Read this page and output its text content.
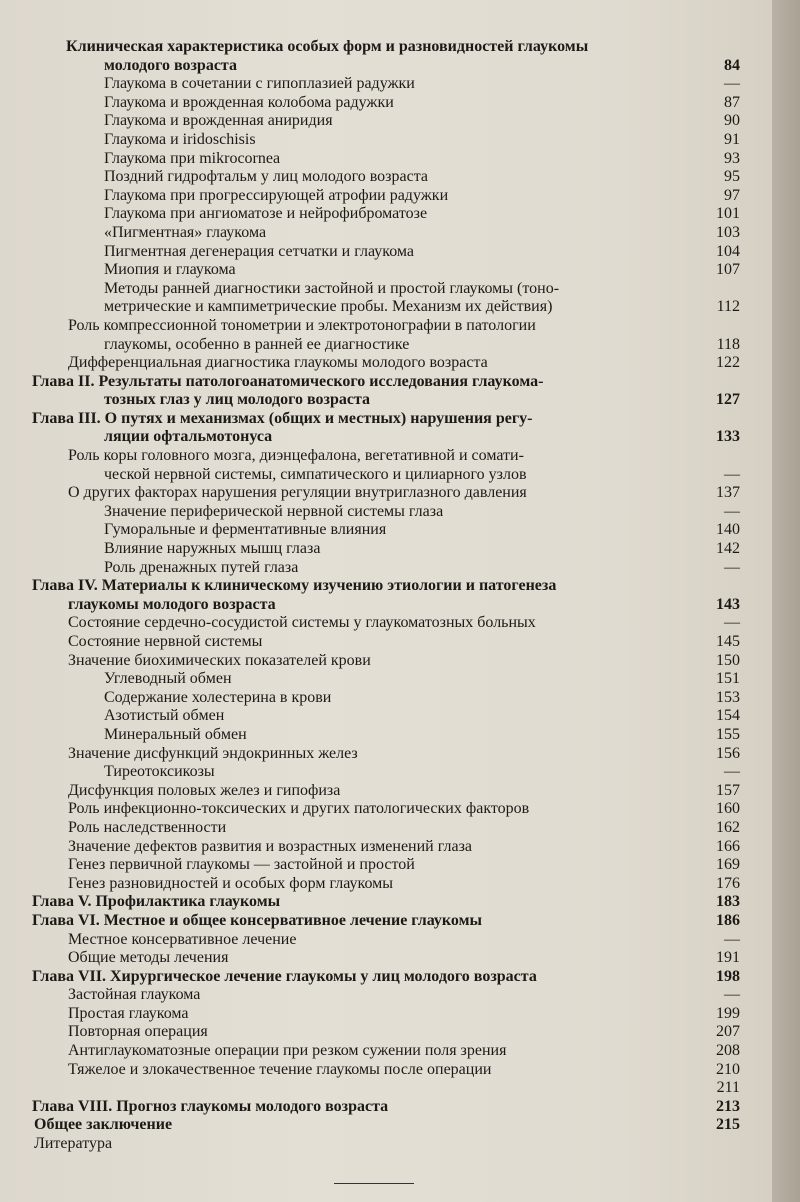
Клиническая характеристика особых форм и разновидностей глаукомы
молодого возраста	84
Глаукома в сочетании с гипоплазией радужки	—
Глаукома и врожденная колобома радужки	87
Глаукома и врожденная аниридия	90
Глаукома и iridoschisis	91
Глаукома при mikrocornea	93
Поздний гидрофтальм у лиц молодого возраста	95
Глаукома при прогрессирующей атрофии радужки	97
Глаукома при ангиоматозе и нейрофиброматозе	101
«Пигментная» глаукома	103
Пигментная дегенерация сетчатки и глаукома	104
Миопия и глаукома	107
Методы ранней диагностики застойной и простой глаукомы (тоно-
метрические и кампиметрические пробы. Механизм их действия)	112
Роль компрессионной тонометрии и электротонографии в патологии
глаукомы, особенно в ранней ее диагностике	118
Дифференциальная диагностика глаукомы молодого возраста	122
Глава II. Результаты патологоанатомического исследования глаукома-
тозных глаз у лиц молодого возраста	127
Глава III. О путях и механизмах (общих и местных) нарушения регу-
ляции офтальмотонуса	133
Роль коры головного мозга, диэнцефалона, вегетативной и сомати-
ческой нервной системы, симпатического и цилиарного узлов	—
О других факторах нарушения регуляции внутриглазного давления	137
Значение периферической нервной системы глаза	—
Гуморальные и ферментативные влияния	140
Влияние наружных мышц глаза	142
Роль дренажных путей глаза	—
Глава IV. Материалы к клиническому изучению этиологии и патогенеза
глаукомы молодого возраста	143
Состояние сердечно-сосудистой системы у глаукоматозных больных	—
Состояние нервной системы	145
Значение биохимических показателей крови	150
Углеводный обмен	151
Содержание холестерина в крови	153
Азотистый обмен	154
Минеральный обмен	155
Значение дисфункций эндокринных желез	156
Тиреотоксикозы	—
Дисфункция половых желез и гипофиза	157
Роль инфекционно-токсических и других патологических факторов	160
Роль наследственности	162
Значение дефектов развития и возрастных изменений глаза	166
Генез первичной глаукомы — застойной и простой	169
Генез разновидностей и особых форм глаукомы	176
Глава V. Профилактика глаукомы	183
Глава VI. Местное и общее консервативное лечение глаукомы	186
Местное консервативное лечение	—
Общие методы лечения	191
Глава VII. Хирургическое лечение глаукомы у лиц молодого возраста	198
Застойная глаукома	—
Простая глаукома	199
Повторная операция	207
Антиглаукоматозные операции при резком сужении поля зрения	208
Тяжелое и злокачественное течение глаукомы после операции	210
211
Глава VIII. Прогноз глаукомы молодого возраста	213
Общее заключение	215
Литература
